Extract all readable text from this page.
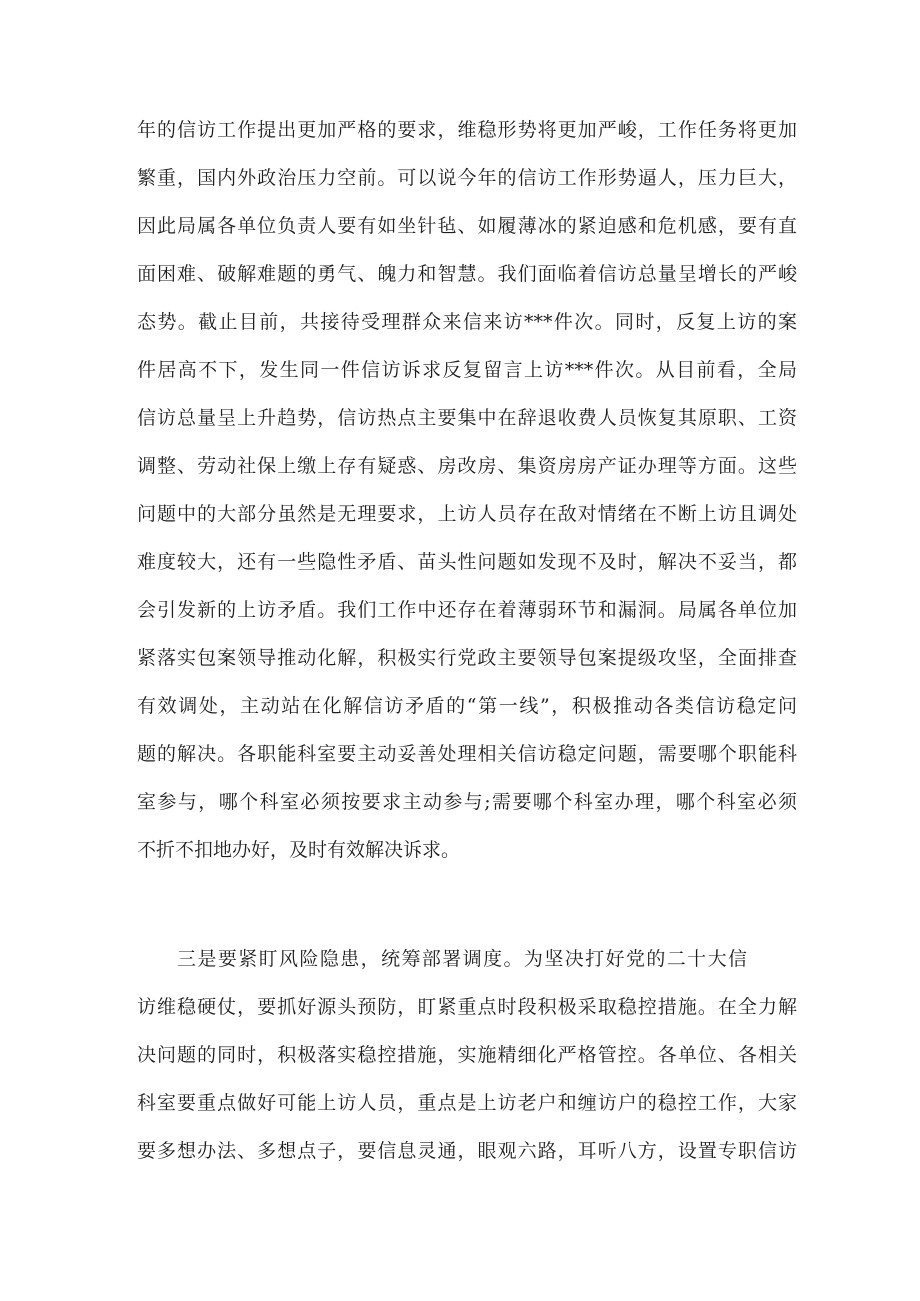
年的信访工作提出更加严格的要求，维稳形势将更加严峻，工作任务将更加
繁重，国内外政治压力空前。可以说今年的信访工作形势逼人，压力巨大，
因此局属各单位负责人要有如坐针毡、如履薄冰的紧迫感和危机感，要有直
面困难、破解难题的勇气、魄力和智慧。我们面临着信访总量呈增长的严峻
态势。截止目前，共接待受理群众来信来访***件次。同时，反复上访的案
件居高不下，发生同一件信访诉求反复留言上访***件次。从目前看，全局
信访总量呈上升趋势，信访热点主要集中在辞退收费人员恢复其原职、工资
调整、劳动社保上缴上存有疑惑、房改房、集资房房产证办理等方面。这些
问题中的大部分虽然是无理要求，上访人员存在敌对情绪在不断上访且调处
难度较大，还有一些隐性矛盾、苗头性问题如发现不及时，解决不妥当，都
会引发新的上访矛盾。我们工作中还存在着薄弱环节和漏洞。局属各单位加
紧落实包案领导推动化解，积极实行党政主要领导包案提级攻坚，全面排查
有效调处，主动站在化解信访矛盾的“第一线”，积极推动各类信访稳定问
题的解决。各职能科室要主动妥善处理相关信访稳定问题，需要哪个职能科
室参与，哪个科室必须按要求主动参与;需要哪个科室办理，哪个科室必须
不折不扣地办好，及时有效解决诉求。
三是要紧盯风险隐患，统筹部署调度。为坚决打好党的二十大信
访维稳硬仗，要抓好源头预防，盯紧重点时段积极采取稳控措施。在全力解
决问题的同时，积极落实稳控措施，实施精细化严格管控。各单位、各相关
科室要重点做好可能上访人员，重点是上访老户和缠访户的稳控工作，大家
要多想办法、多想点子，要信息灵通，眼观六路，耳听八方，设置专职信访
